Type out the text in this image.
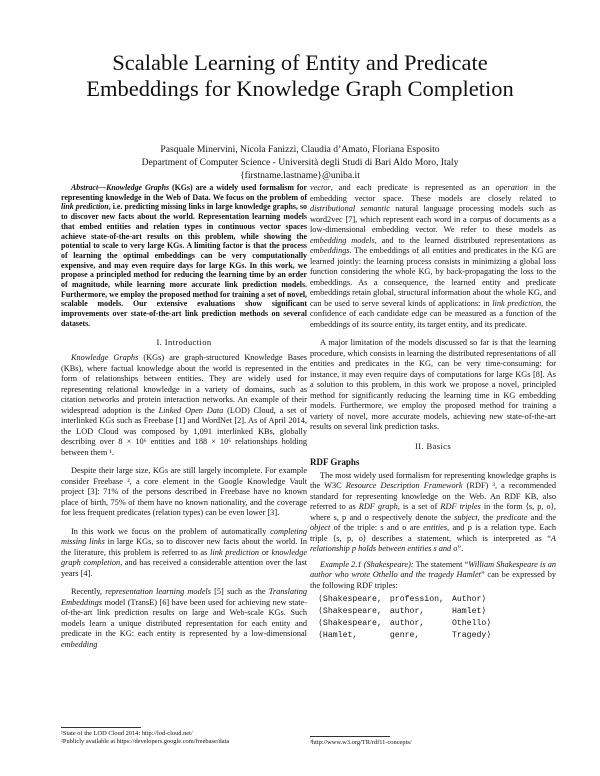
Scalable Learning of Entity and Predicate
Embeddings for Knowledge Graph Completion
Pasquale Minervini, Nicola Fanizzi, Claudia d’Amato, Floriana Esposito
Department of Computer Science - Università degli Studi di Bari Aldo Moro, Italy
{firstname.lastname}@uniba.it

Abstract—Knowledge Graphs (KGs) are a widely used formalism for representing knowledge in the Web of Data. We focus on the problem of link prediction, i.e. predicting missing links in large knowledge graphs, so to discover new facts about the world. Representation learning models that embed entities and relation types in continuous vector spaces achieve state-of-the-art results on this problem, while showing the potential to scale to very large KGs. A limiting factor is that the process of learning the optimal embeddings can be very computationally expensive, and may even require days for large KGs. In this work, we propose a principled method for reducing the learning time by an order of magnitude, while learning more accurate link prediction models. Furthermore, we employ the proposed method for training a set of novel, scalable models. Our extensive evaluations show significant improvements over state-of-the-art link prediction methods on several datasets.

I. Introduction

Knowledge Graphs (KGs) are graph-structured Knowledge Bases (KBs), where factual knowledge about the world is represented in the form of relationships between entities. They are widely used for representing relational knowledge in a variety of domains, such as citation networks and protein interaction networks. An example of their widespread adoption is the Linked Open Data (LOD) Cloud, a set of interlinked KGs such as Freebase [1] and WordNet [2]. As of April 2014, the LOD Cloud was composed by 1,091 interlinked KBs, globally describing over 8 × 10⁶ entities and 188 × 10⁶ relationships holding between them ¹.

Despite their large size, KGs are still largely incomplete. For example consider Freebase ², a core element in the Google Knowledge Vault project [3]: 71% of the persons described in Freebase have no known place of birth, 75% of them have no known nationality, and the coverage for less frequent predicates (relation types) can be even lower [3].

In this work we focus on the problem of automatically completing missing links in large KGs, so to discover new facts about the world. In the literature, this problem is referred to as link prediction or knowledge graph completion, and has received a considerable attention over the last years [4].

Recently, representation learning models [5] such as the Translating Embeddings model (TransE) [6] have been used for achieving new state-of-the-art link prediction results on large and Web-scale KGs. Such models learn a unique distributed representation for each entity and predicate in the KG: each entity is represented by a low-dimensional embedding

¹State of the LOD Cloud 2014: http://lod-cloud.net/
²Publicly available at https://developers.google.com/freebase/data

vector, and each predicate is represented as an operation in the embedding vector space. These models are closely related to distributional semantic natural language processing models such as word2vec [7], which represent each word in a corpus of documents as a low-dimensional embedding vector. We refer to these models as embedding models, and to the learned distributed representations as embeddings. The embeddings of all entities and predicates in the KG are learned jointly: the learning process consists in minimizing a global loss function considering the whole KG, by back-propagating the loss to the embeddings. As a consequence, the learned entity and predicate embeddings retain global, structural information about the whole KG, and can be used to serve several kinds of applications: in link prediction, the confidence of each candidate edge can be measured as a function of the embeddings of its source entity, its target entity, and its predicate.

A major limitation of the models discussed so far is that the learning procedure, which consists in learning the distributed representations of all entities and predicates in the KG, can be very time-consuming: for instance, it may even require days of computations for large KGs [8]. As a solution to this problem, in this work we propose a novel, principled method for significantly reducing the learning time in KG embedding models. Furthermore, we employ the proposed method for training a variety of novel, more accurate models, achieving new state-of-the-art results on several link prediction tasks.

II. Basics
RDF Graphs

The most widely used formalism for representing knowledge graphs is the W3C Resource Description Framework (RDF) ³, a recommended standard for representing knowledge on the Web. An RDF KB, also referred to as RDF graph, is a set of RDF triples in the form ⟨s, p, o⟩, where s, p and o respectively denote the subject, the predicate and the object of the triple: s and o are entities, and p is a relation type. Each triple ⟨s, p, o⟩ describes a statement, which is interpreted as “A relationship p holds between entities s and o”.

Example 2.1 (Shakespeare): The statement “William Shakespeare is an author who wrote Othello and the tragedy Hamlet” can be expressed by the following RDF triples:

⟨Shakespeare,	profession,	Author⟩
⟨Shakespeare,	author,	Hamlet⟩
⟨Shakespeare,	author,	Othello⟩
⟨Hamlet,	genre,	Tragedy⟩
³http://www.w3.org/TR/rdf11-concepts/
